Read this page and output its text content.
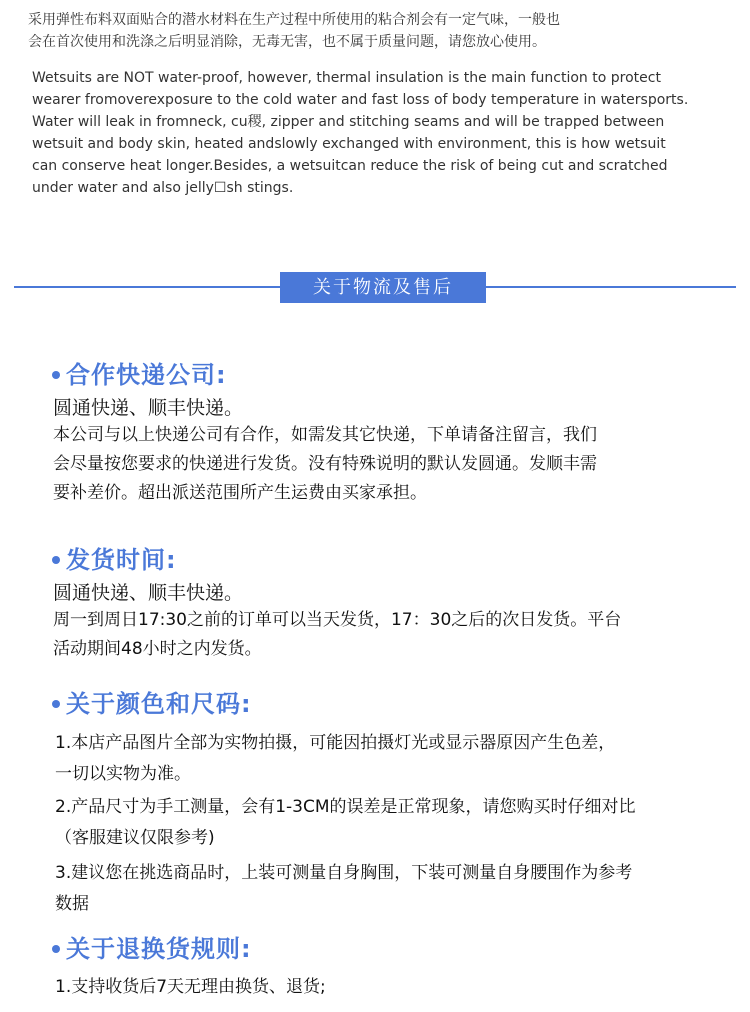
采用弹性布料双面贴合的潜水材料在生产过程中所使用的粘合剂会有一定气味，一般也
会在首次使用和洗涤之后明显消除，无毒无害，也不属于质量问题，请您放心使用。

Wetsuits are NOT water-proof, however, thermal insulation is the main function to protect
wearer fromoverexposure to the cold water and fast loss of body temperature in watersports.
Water will leak in fromneck, cu稷, zipper and stitching seams and will be trapped between
wetsuit and body skin, heated andslowly exchanged with environment, this is how wetsuit
can conserve heat longer.Besides, a wetsuitcan reduce the risk of being cut and scratched
under water and also jelly☐sh stings.

关于物流及售后
合作快递公司:
圆通快递、顺丰快递。

本公司与以上快递公司有合作，如需发其它快递，下单请备注留言，我们
会尽量按您要求的快递进行发货。没有特殊说明的默认发圆通。发顺丰需
要补差价。超出派送范围所产生运费由买家承担。

发货时间:
圆通快递、顺丰快递。

周一到周日17:30之前的订单可以当天发货，17：30之后的次日发货。平台
活动期间48小时之内发货。

关于颜色和尺码:

1.本店产品图片全部为实物拍摄，可能因拍摄灯光或显示器原因产生色差，
一切以实物为准。

2.产品尺寸为手工测量，会有1-3CM的误差是正常现象，请您购买时仔细对比
（客服建议仅限参考)

3.建议您在挑选商品时，上装可测量自身胸围，下装可测量自身腰围作为参考
数据

关于退换货规则:

1.支持收货后7天无理由换货、退货;
